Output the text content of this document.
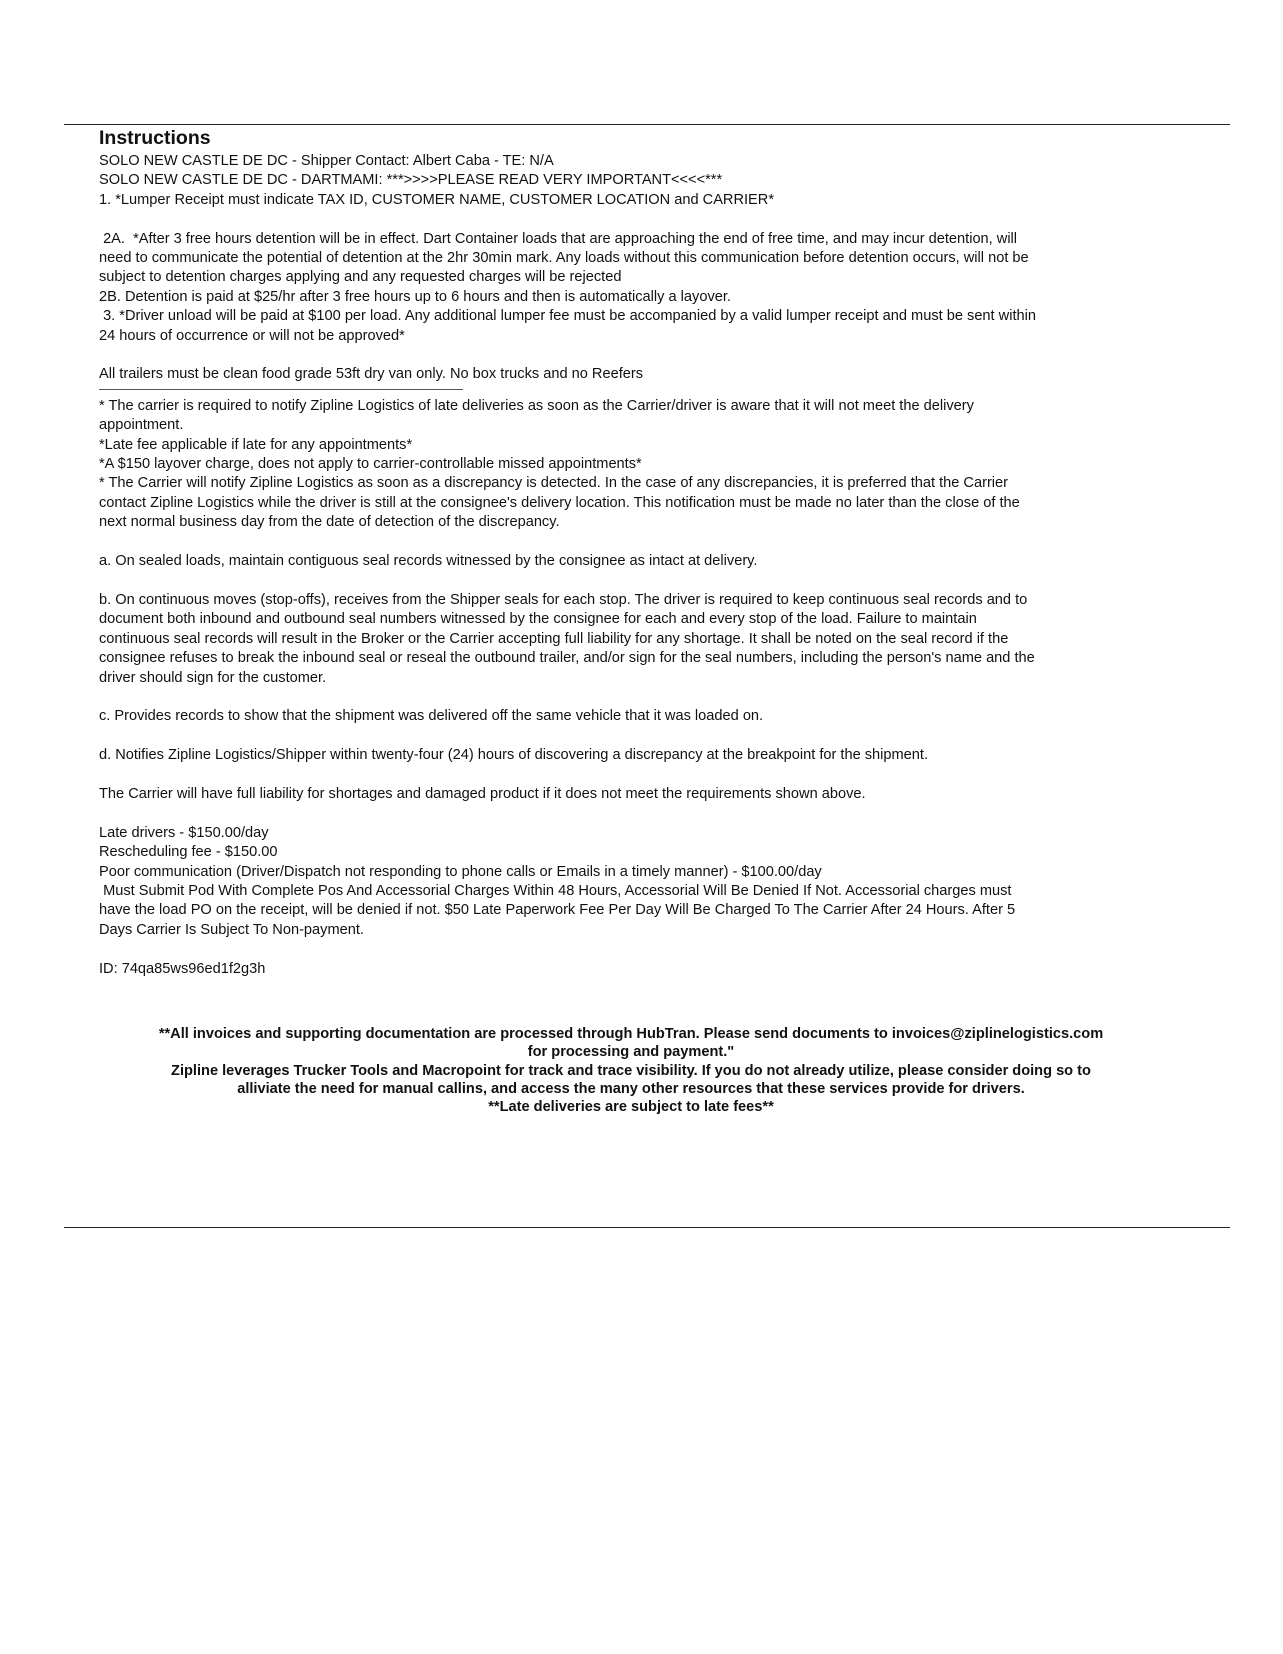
Instructions

SOLO NEW CASTLE DE DC - Shipper Contact: Albert Caba - TE: N/A

SOLO NEW CASTLE DE DC - DARTMAMI: ***>>>>PLEASE READ VERY IMPORTANT<<<<***

1. *Lumper Receipt must indicate TAX ID, CUSTOMER NAME, CUSTOMER LOCATION and CARRIER*

2A.  *After 3 free hours detention will be in effect. Dart Container loads that are approaching the end of free time, and may incur detention, will

need to communicate the potential of detention at the 2hr 30min mark. Any loads without this communication before detention occurs, will not be

subject to detention charges applying and any requested charges will be rejected

2B. Detention is paid at $25/hr after 3 free hours up to 6 hours and then is automatically a layover.

3. *Driver unload will be paid at $100 per load. Any additional lumper fee must be accompanied by a valid lumper receipt and must be sent within

24 hours of occurrence or will not be approved*

All trailers must be clean food grade 53ft dry van only. No box trucks and no Reefers

* The carrier is required to notify Zipline Logistics of late deliveries as soon as the Carrier/driver is aware that it will not meet the delivery

appointment.

*Late fee applicable if late for any appointments*

*A $150 layover charge, does not apply to carrier-controllable missed appointments*

* The Carrier will notify Zipline Logistics as soon as a discrepancy is detected. In the case of any discrepancies, it is preferred that the Carrier

contact Zipline Logistics while the driver is still at the consignee's delivery location. This notification must be made no later than the close of the

next normal business day from the date of detection of the discrepancy.

a. On sealed loads, maintain contiguous seal records witnessed by the consignee as intact at delivery.

b. On continuous moves (stop-offs), receives from the Shipper seals for each stop. The driver is required to keep continuous seal records and to

document both inbound and outbound seal numbers witnessed by the consignee for each and every stop of the load. Failure to maintain

continuous seal records will result in the Broker or the Carrier accepting full liability for any shortage. It shall be noted on the seal record if the

consignee refuses to break the inbound seal or reseal the outbound trailer, and/or sign for the seal numbers, including the person's name and the

driver should sign for the customer.

c. Provides records to show that the shipment was delivered off the same vehicle that it was loaded on.

d. Notifies Zipline Logistics/Shipper within twenty-four (24) hours of discovering a discrepancy at the breakpoint for the shipment.

The Carrier will have full liability for shortages and damaged product if it does not meet the requirements shown above.

Late drivers - $150.00/day

Rescheduling fee - $150.00

Poor communication (Driver/Dispatch not responding to phone calls or Emails in a timely manner) - $100.00/day

Must Submit Pod With Complete Pos And Accessorial Charges Within 48 Hours, Accessorial Will Be Denied If Not. Accessorial charges must

have the load PO on the receipt, will be denied if not. $50 Late Paperwork Fee Per Day Will Be Charged To The Carrier After 24 Hours. After 5

Days Carrier Is Subject To Non-payment.

ID: 74qa85ws96ed1f2g3h

**All invoices and supporting documentation are processed through HubTran. Please send documents to invoices@ziplinelogistics.com
for processing and payment."
Zipline leverages Trucker Tools and Macropoint for track and trace visibility. If you do not already utilize, please consider doing so to
alliviate the need for manual callins, and access the many other resources that these services provide for drivers.
**Late deliveries are subject to late fees**
